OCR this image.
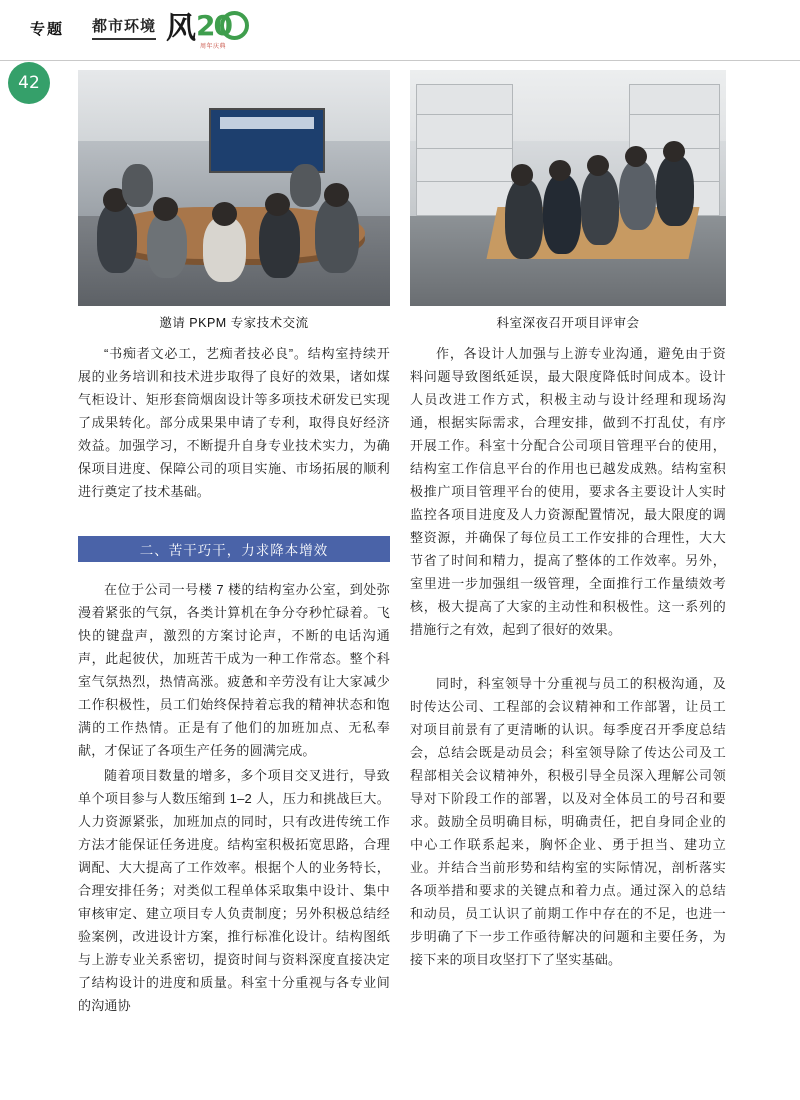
专题 都市环境 风 20
周年庆典
42
邀请 PKPM 专家技术交流	科室深夜召开项目评审会

“书痴者文必工，艺痴者技必良”。结构室持续开展的业务培训和技术进步取得了良好的效果，诸如煤气柜设计、矩形套筒烟囱设计等多项技术研发已实现了成果转化。部分成果果申请了专利，取得良好经济效益。加强学习，不断提升自身专业技术实力，为确保项目进度、保障公司的项目实施、市场拓展的顺利进行奠定了技术基础。

二、苦干巧干，力求降本增效

在位于公司一号楼 7 楼的结构室办公室，到处弥漫着紧张的气氛，各类计算机在争分夺秒忙碌着。飞快的键盘声，激烈的方案讨论声，不断的电话沟通声，此起彼伏，加班苦干成为一种工作常态。整个科室气氛热烈，热情高涨。疲惫和辛劳没有让大家减少工作积极性，员工们始终保持着忘我的精神状态和饱满的工作热情。正是有了他们的加班加点、无私奉献，才保证了各项生产任务的圆满完成。

随着项目数量的增多，多个项目交叉进行，导致单个项目参与人数压缩到 1–2 人，压力和挑战巨大。人力资源紧张，加班加点的同时，只有改进传统工作方法才能保证任务进度。结构室积极拓宽思路，合理调配、大大提高了工作效率。根据个人的业务特长，合理安排任务；对类似工程单体采取集中设计、集中审核审定、建立项目专人负责制度；另外积极总结经验案例，改进设计方案，推行标准化设计。结构图纸与上游专业关系密切，提资时间与资料深度直接决定了结构设计的进度和质量。科室十分重视与各专业间的沟通协

作，各设计人加强与上游专业沟通，避免由于资料问题导致图纸延误，最大限度降低时间成本。设计人员改进工作方式，积极主动与设计经理和现场沟通，根据实际需求，合理安排，做到不打乱仗，有序开展工作。科室十分配合公司项目管理平台的使用，结构室工作信息平台的作用也已越发成熟。结构室积极推广项目管理平台的使用，要求各主要设计人实时监控各项目进度及人力资源配置情况，最大限度的调整资源，并确保了每位员工工作安排的合理性，大大节省了时间和精力，提高了整体的工作效率。另外，室里进一步加强组一级管理，全面推行工作量绩效考核，极大提高了大家的主动性和积极性。这一系列的措施行之有效，起到了很好的效果。

同时，科室领导十分重视与员工的积极沟通，及时传达公司、工程部的会议精神和工作部署，让员工对项目前景有了更清晰的认识。每季度召开季度总结会，总结会既是动员会；科室领导除了传达公司及工程部相关会议精神外，积极引导全员深入理解公司领导对下阶段工作的部署，以及对全体员工的号召和要求。鼓励全员明确目标，明确责任，把自身同企业的中心工作联系起来，胸怀企业、勇于担当、建功立业。并结合当前形势和结构室的实际情况，剖析落实各项举措和要求的关键点和着力点。通过深入的总结和动员，员工认识了前期工作中存在的不足，也进一步明确了下一步工作亟待解决的问题和主要任务，为接下来的项目攻坚打下了坚实基础。
